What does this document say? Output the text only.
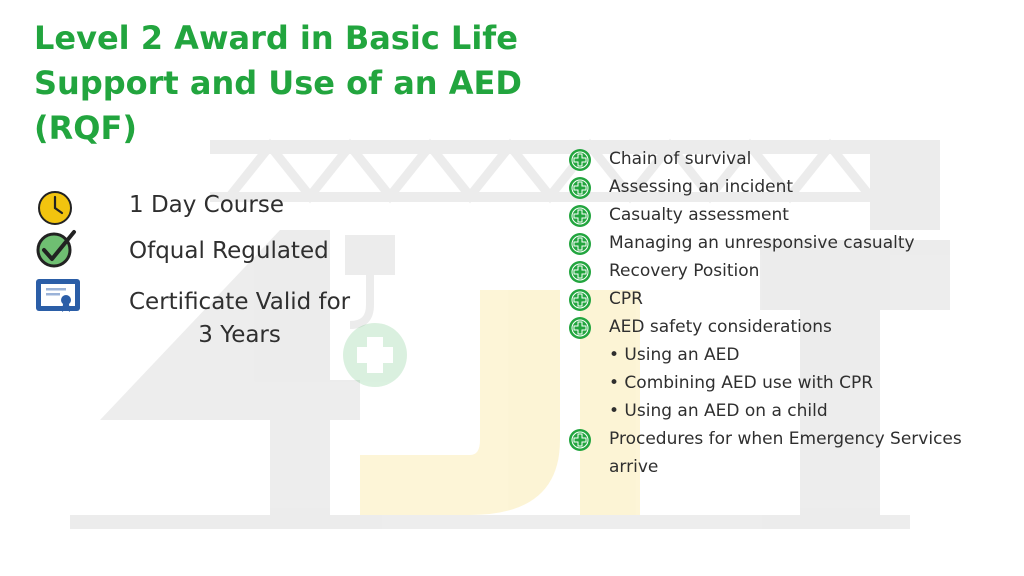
Level 2 Award in Basic Life Support and Use of an AED (RQF)
1 Day Course
Ofqual Regulated
Certificate Valid for
3 Years
Chain of survival
Assessing an incident
Casualty assessment
Managing an unresponsive casualty
Recovery Position
CPR
AED safety considerations
• Using an AED
• Combining AED use with CPR
• Using an AED on a child
Procedures for when Emergency Services arrive
